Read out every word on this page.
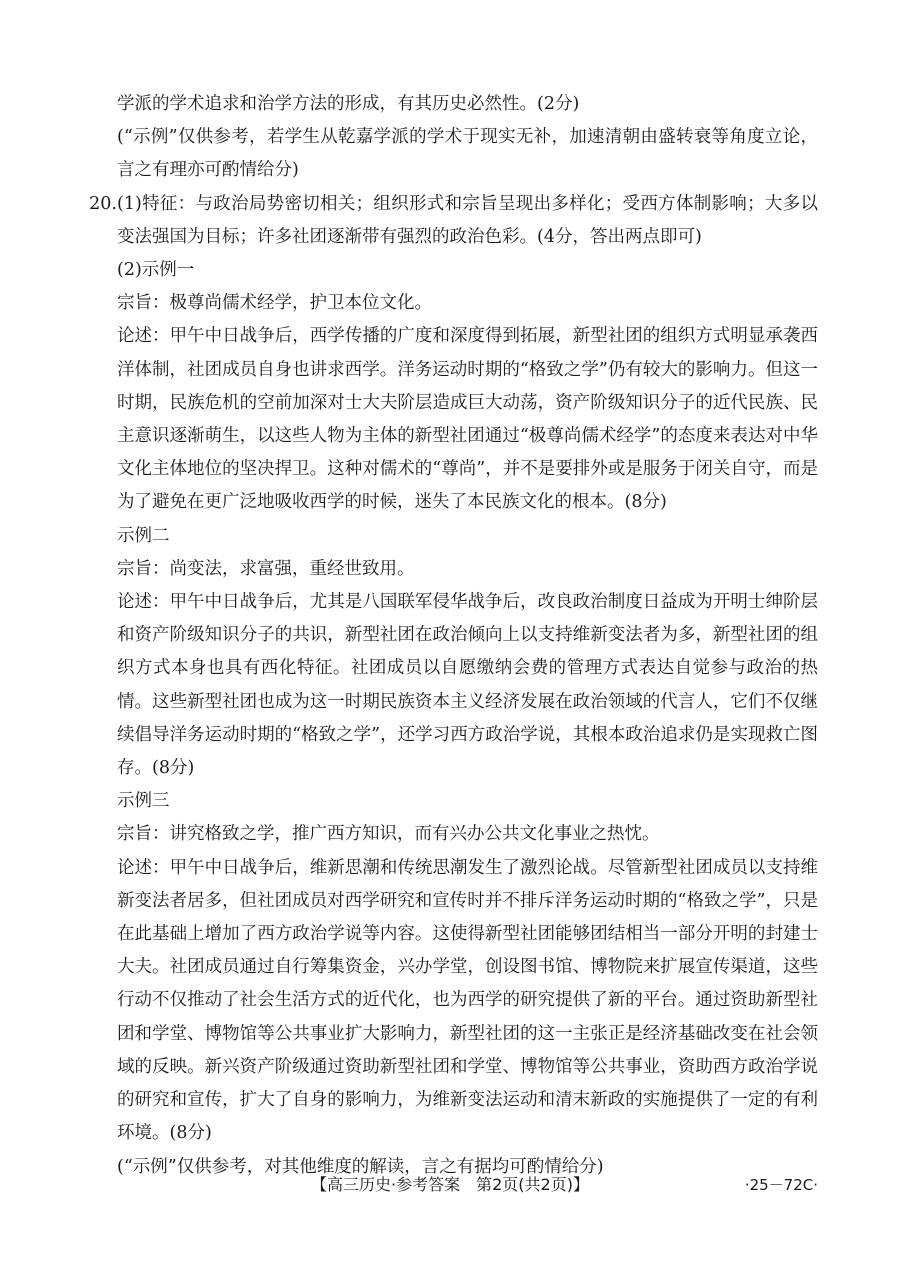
学派的学术追求和治学方法的形成，有其历史必然性。(2分)

(“示例”仅供参考，若学生从乾嘉学派的学术于现实无补，加速清朝由盛转衰等角度立论，言之有理亦可酌情给分)

20. (1)特征：与政治局势密切相关；组织形式和宗旨呈现出多样化；受西方体制影响；大多以变法强国为目标；许多社团逐渐带有强烈的政治色彩。(4分，答出两点即可)

(2)示例一

宗旨：极尊尚儒术经学，护卫本位文化。

论述：甲午中日战争后，西学传播的广度和深度得到拓展，新型社团的组织方式明显承袭西洋体制，社团成员自身也讲求西学。洋务运动时期的“格致之学”仍有较大的影响力。但这一时期，民族危机的空前加深对士大夫阶层造成巨大动荡，资产阶级知识分子的近代民族、民主意识逐渐萌生，以这些人物为主体的新型社团通过“极尊尚儒术经学”的态度来表达对中华文化主体地位的坚决捍卫。这种对儒术的“尊尚”，并不是要排外或是服务于闭关自守，而是为了避免在更广泛地吸收西学的时候，迷失了本民族文化的根本。(8分)

示例二

宗旨：尚变法，求富强，重经世致用。

论述：甲午中日战争后，尤其是八国联军侵华战争后，改良政治制度日益成为开明士绅阶层和资产阶级知识分子的共识，新型社团在政治倾向上以支持维新变法者为多，新型社团的组织方式本身也具有西化特征。社团成员以自愿缴纳会费的管理方式表达自觉参与政治的热情。这些新型社团也成为这一时期民族资本主义经济发展在政治领域的代言人，它们不仅继续倡导洋务运动时期的“格致之学”，还学习西方政治学说，其根本政治追求仍是实现救亡图存。(8分)

示例三

宗旨：讲究格致之学，推广西方知识，而有兴办公共文化事业之热忱。

论述：甲午中日战争后，维新思潮和传统思潮发生了激烈论战。尽管新型社团成员以支持维新变法者居多，但社团成员对西学研究和宣传时并不排斥洋务运动时期的“格致之学”，只是在此基础上增加了西方政治学说等内容。这使得新型社团能够团结相当一部分开明的封建士大夫。社团成员通过自行筹集资金，兴办学堂，创设图书馆、博物院来扩展宣传渠道，这些行动不仅推动了社会生活方式的近代化，也为西学的研究提供了新的平台。通过资助新型社团和学堂、博物馆等公共事业扩大影响力，新型社团的这一主张正是经济基础改变在社会领域的反映。新兴资产阶级通过资助新型社团和学堂、博物馆等公共事业，资助西方政治学说的研究和宣传，扩大了自身的影响力，为维新变法运动和清末新政的实施提供了一定的有利环境。(8分)

(“示例”仅供参考，对其他维度的解读，言之有据均可酌情给分)

【高三历史·参考答案　第2页(共2页)】	·25－72C·
